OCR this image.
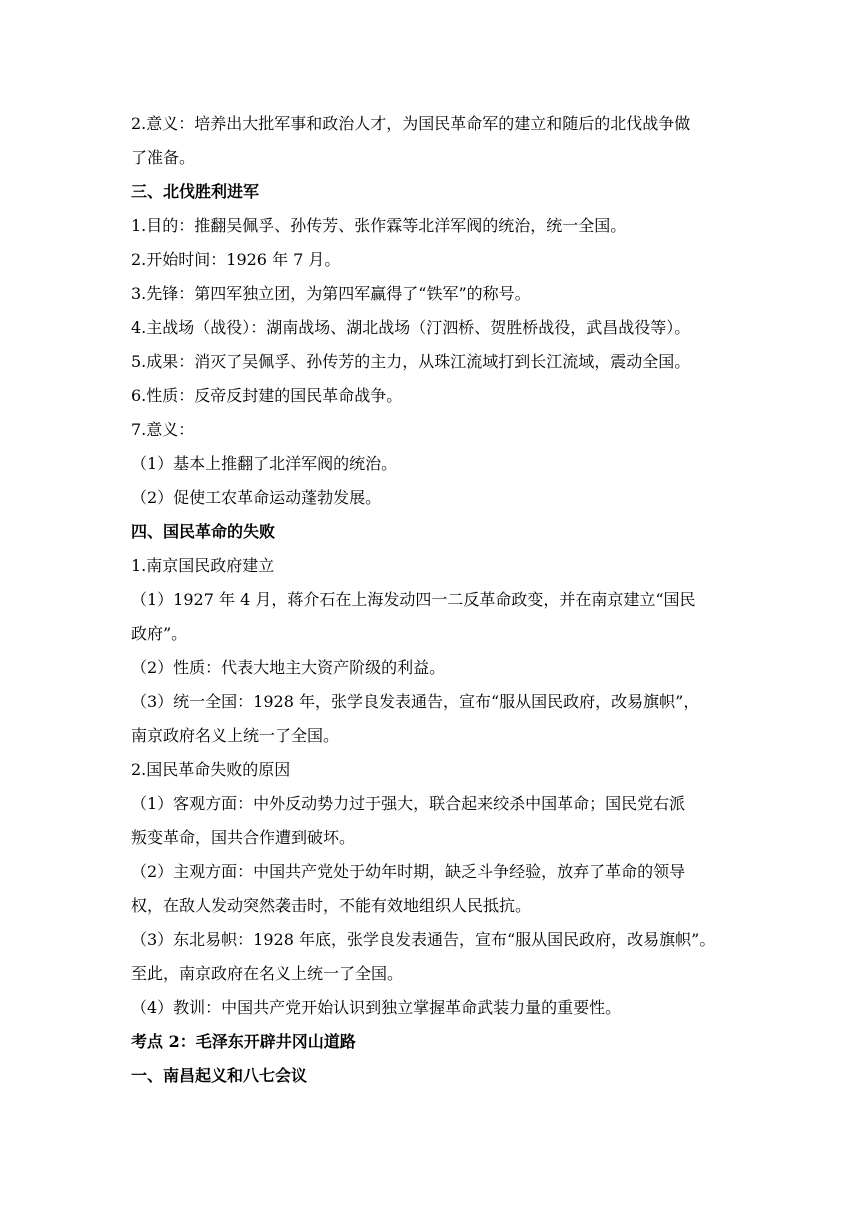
2.意义：培养出大批军事和政治人才，为国民革命军的建立和随后的北伐战争做
了准备。
三、北伐胜利进军
1.目的：推翻吴佩孚、孙传芳、张作霖等北洋军阀的统治，统一全国。
2.开始时间：1926 年 7 月。
3.先锋：第四军独立团，为第四军赢得了“铁军”的称号。
4.主战场（战役）：湖南战场、湖北战场（汀泗桥、贺胜桥战役，武昌战役等）。
5.成果：消灭了吴佩孚、孙传芳的主力，从珠江流域打到长江流域，震动全国。
6.性质：反帝反封建的国民革命战争。
7.意义：
（1）基本上推翻了北洋军阀的统治。
（2）促使工农革命运动蓬勃发展。
四、国民革命的失败
1.南京国民政府建立
（1）1927 年 4 月，蒋介石在上海发动四一二反革命政变，并在南京建立“国民
政府”。
（2）性质：代表大地主大资产阶级的利益。
（3）统一全国：1928 年，张学良发表通告，宣布“服从国民政府，改易旗帜”，
南京政府名义上统一了全国。
2.国民革命失败的原因
（1）客观方面：中外反动势力过于强大，联合起来绞杀中国革命；国民党右派
叛变革命，国共合作遭到破坏。
（2）主观方面：中国共产党处于幼年时期，缺乏斗争经验，放弃了革命的领导
权，在敌人发动突然袭击时，不能有效地组织人民抵抗。
（3）东北易帜：1928 年底，张学良发表通告，宣布“服从国民政府，改易旗帜”。
至此，南京政府在名义上统一了全国。
（4）教训：中国共产党开始认识到独立掌握革命武装力量的重要性。
考点 2：毛泽东开辟井冈山道路
一、南昌起义和八七会议
